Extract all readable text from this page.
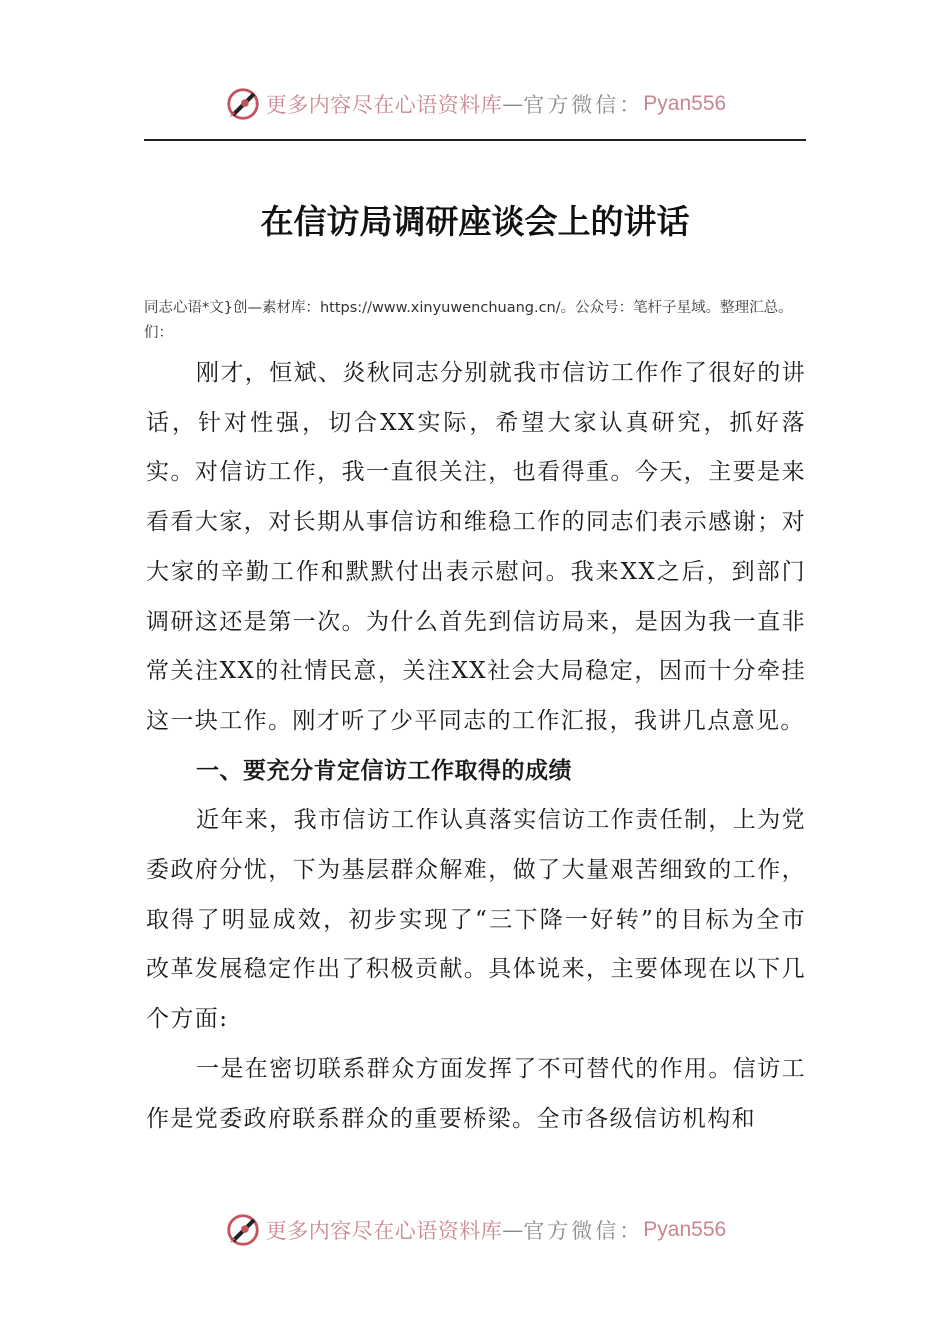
更多内容尽在心语资料库 — 官方微信： Pyan556
在信访局调研座谈会上的讲话
同志心语*文}创—素材库：https://www.xinyuwenchuang.cn/。公众号：笔杆子星域。整理汇总。们：

刚才，恒斌、炎秋同志分别就我市信访工作作了很好的讲话，针对性强，切合XX实际，希望大家认真研究，抓好落实。对信访工作，我一直很关注，也看得重。今天，主要是来看看大家，对长期从事信访和维稳工作的同志们表示感谢；对大家的辛勤工作和默默付出表示慰问。我来XX之后，到部门调研这还是第一次。为什么首先到信访局来，是因为我一直非常关注XX的社情民意，关注XX社会大局稳定，因而十分牵挂这一块工作。刚才听了少平同志的工作汇报，我讲几点意见。

一、要充分肯定信访工作取得的成绩

近年来，我市信访工作认真落实信访工作责任制，上为党委政府分忧，下为基层群众解难，做了大量艰苦细致的工作，取得了明显成效，初步实现了“三下降一好转”的目标为全市改革发展稳定作出了积极贡献。具体说来，主要体现在以下几个方面:

一是在密切联系群众方面发挥了不可替代的作用。信访工作是党委政府联系群众的重要桥梁。全市各级信访机构和

更多内容尽在心语资料库 — 官方微信： Pyan556
